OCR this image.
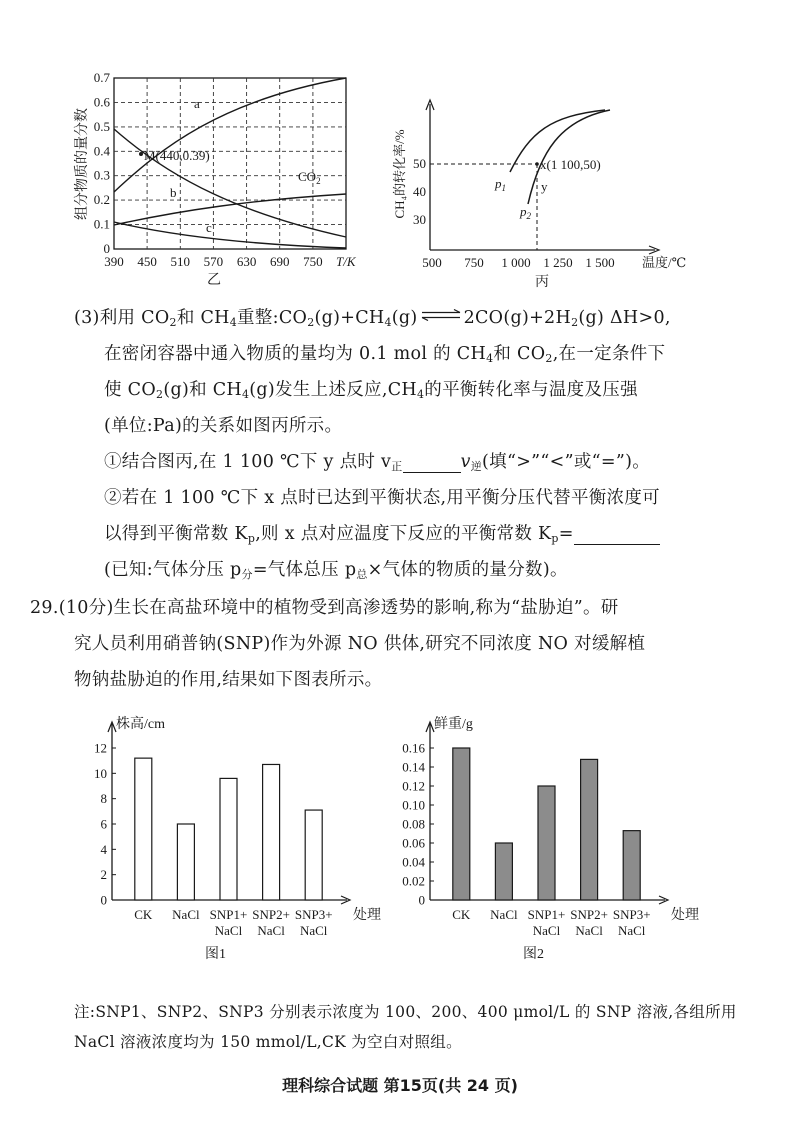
组分物质的量分数	M(440,0.39)
a
b
c
$CO_2$
0.7
0.6
0.5
0.4
0.3
0.2
0.1
0
390 450 510 570 630 690 750 T/K
乙
CH₄的转化率/% 50
40
30
500 750 1 000 1 250 1 500 温度/℃
x(1 100,50)
y
$p_1$
$p_2$
丙
(3)利用 $CO_2$和 $CH_4$重整$:CO_2(g)+CH_4(g)$ ⇌ $2CO(g)+2H_2(g)$ ΔH>0,
在密闭容器中通入物质的量均为 0.1 mol 的 $CH_4$和 $CO_2$,在一定条件下
使 $CO_2(g)$和 $CH_4(g)$发生上述反应$,CH_4$的平衡转化率与温度及压强
(单位:Pa)的关系如图丙所示。
①结合图丙,在 1 100 ℃下 y 点时 $v_正$	$v_逆$(填“>”“<”或“=”)。
②若在 1 100 ℃下 x 点时已达到平衡状态,用平衡分压代替平衡浓度可
以得到平衡常数 $K_p$,则 x 点对应温度下反应的平衡常数 $K_p=$
(已知:气体分压 $p_分=$气体总压 $p_总\times$气体的物质的量分数)。
29.(10分)生长在高盐环境中的植物受到高渗透势的影响,称为“盐胁迫”。研
究人员利用硝普钠(SNP)作为外源 NO 供体,研究不同浓度 NO 对缓解植
物钠盐胁迫的作用,结果如下图表所示。
株高/cm
处理
0
2
4
6
8
10
12
CK NaCl SNP1+
NaCl
SNP2+
NaCl
SNP3+
NaCl
图1
鲜重/g
处理
0
0.02
0.04
0.06
0.08
0.10
0.12
0.14
0.16
CK NaCl SNP1+
NaCl
SNP2+
NaCl
SNP3+
NaCl
图2
注:SNP1、SNP2、SNP3 分别表示浓度为 100、200、400 μmol/L 的 SNP 溶液,各组所用
NaCl 溶液浓度均为 150 mmol/L,CK 为空白对照组。
理科综合试题 第15页(共 24 页)
